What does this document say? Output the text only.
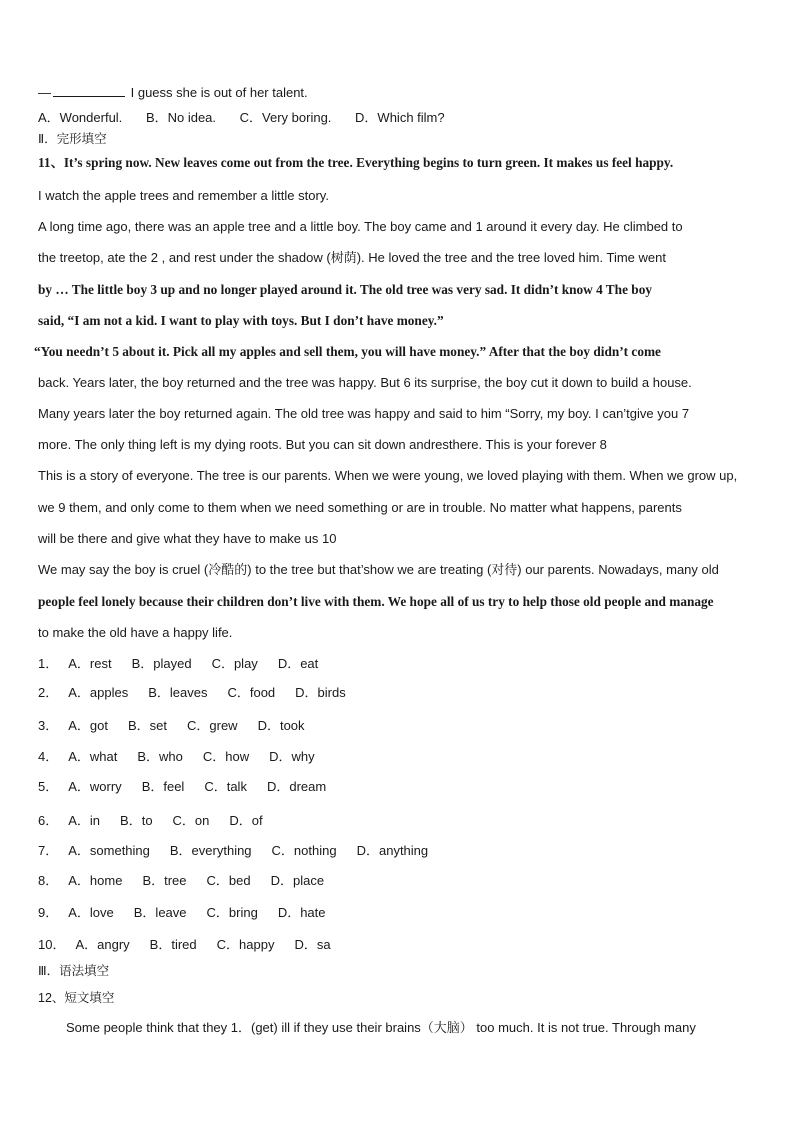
—	I guess she is out of her talent.
A．Wonderful. B．No idea. C．Very boring. D．Which film?
Ⅱ．完形填空
11、It’s spring now. New leaves come out from the tree. Everything begins to turn green. It makes us feel happy.
I watch the apple trees and remember a little story.
A long time ago, there was an apple tree and a little boy. The boy came and 1 around it every day. He climbed to
the treetop, ate the 2 , and rest under the shadow (树荫). He loved the tree and the tree loved him. Time went
by … The little boy 3 up and no longer played around it. The old tree was very sad. It didn’t know 4 The boy
said, “I am not a kid. I want to play with toys. But I don’t have money.”
“You needn’t 5 about it. Pick all my apples and sell them, you will have money.” After that the boy didn’t come
back. Years later, the boy returned and the tree was happy. But 6 its surprise, the boy cut it down to build a house.
Many years later the boy returned again. The old tree was happy and said to him “Sorry, my boy. I can’tgive you 7
more. The only thing left is my dying roots. But you can sit down andresthere. This is your forever 8
This is a story of everyone. The tree is our parents. When we were young, we loved playing with them. When we grow up,
we 9 them, and only come to them when we need something or are in trouble. No matter what happens, parents
will be there and give what they have to make us 10
We may say the boy is cruel (冷酷的) to the tree but that’show we are treating (对待) our parents. Nowadays, many old
people feel lonely because their children don’t live with them. We hope all of us try to help those old people and manage
to make the old have a happy life.
1． A．rest B．played C．play D．eat
2． A．apples B．leaves C．food D．birds
3． A．got B．set C．grew D．took
4． A．what B．who C．how D．why
5． A．worry B．feel C．talk D．dream
6． A．in B．to C．on D．of
7． A．something B．everything C．nothing D．anything
8． A．home B．tree C．bed D．place
9． A．love B．leave C．bring D．hate
10． A．angry B．tired C．happy D．sa
Ⅲ．语法填空
12、短文填空
Some people think that they 1．(get) ill if they use their brains（大脑） too much. It is not true. Through many
